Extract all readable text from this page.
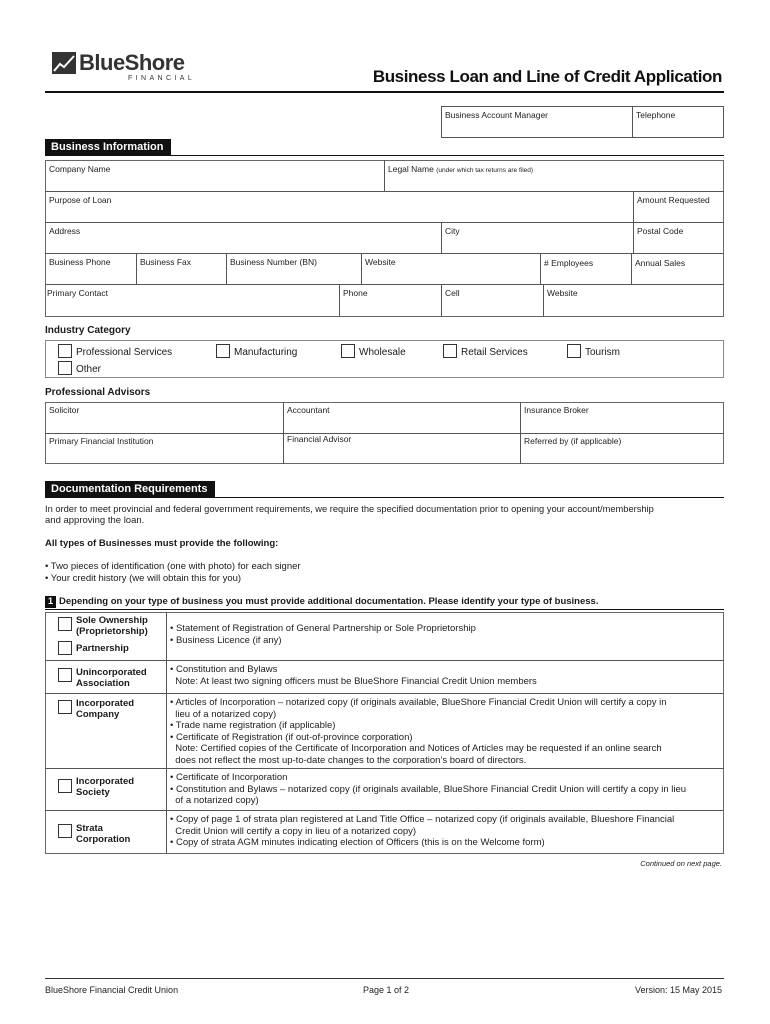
BlueShore
FINANCIAL	Business Loan and Line of Credit Application
Business Account Manager	Telephone
Business Information
Company Name	Legal Name (under which tax returns are filed)
Purpose of Loan	Amount Requested
Address	City	Postal Code
Business Phone	Business Fax	Business Number (BN)	Website	# Employees	Annual Sales
Primary Contact	Phone	Cell	Website
Industry Category
Professional Services	Manufacturing	Wholesale	Retail Services	Tourism
Other
Professional Advisors
Solicitor	Accountant	Insurance Broker
Primary Financial Institution	Financial Advisor	Referred by (if applicable)
Documentation Requirements
In order to meet provincial and federal government requirements, we require the specified documentation prior to opening your account/membership
and approving the loan.
All types of Businesses must provide the following:
• Two pieces of identification (one with photo) for each signer
• Your credit history (we will obtain this for you)
1 Depending on your type of business you must provide additional documentation. Please identify your type of business.
Sole Ownership
(Proprietorship)
Partnership
• Statement of Registration of General Partnership or Sole Proprietorship
• Business Licence (if any)
Unincorporated
Association
• Constitution and Bylaws
Note: At least two signing officers must be BlueShore Financial Credit Union members
Incorporated
Company
• Articles of Incorporation – notarized copy (if originals available, BlueShore Financial Credit Union will certify a copy in
lieu of a notarized copy)
• Trade name registration (if applicable)
• Certificate of Registration (if out-of-province corporation)
Note: Certified copies of the Certificate of Incorporation and Notices of Articles may be requested if an online search
does not reflect the most up-to-date changes to the corporation’s board of directors.
Incorporated
Society
• Certificate of Incorporation
• Constitution and Bylaws – notarized copy (if originals available, BlueShore Financial Credit Union will certify a copy in lieu
of a notarized copy)
Strata
Corporation
• Copy of page 1 of strata plan registered at Land Title Office – notarized copy (if originals available, Blueshore Financial
Credit Union will certify a copy in lieu of a notarized copy)
• Copy of strata AGM minutes indicating election of Officers (this is on the Welcome form)
Continued on next page.
BlueShore Financial Credit Union	Page 1 of 2	Version: 15 May 2015
